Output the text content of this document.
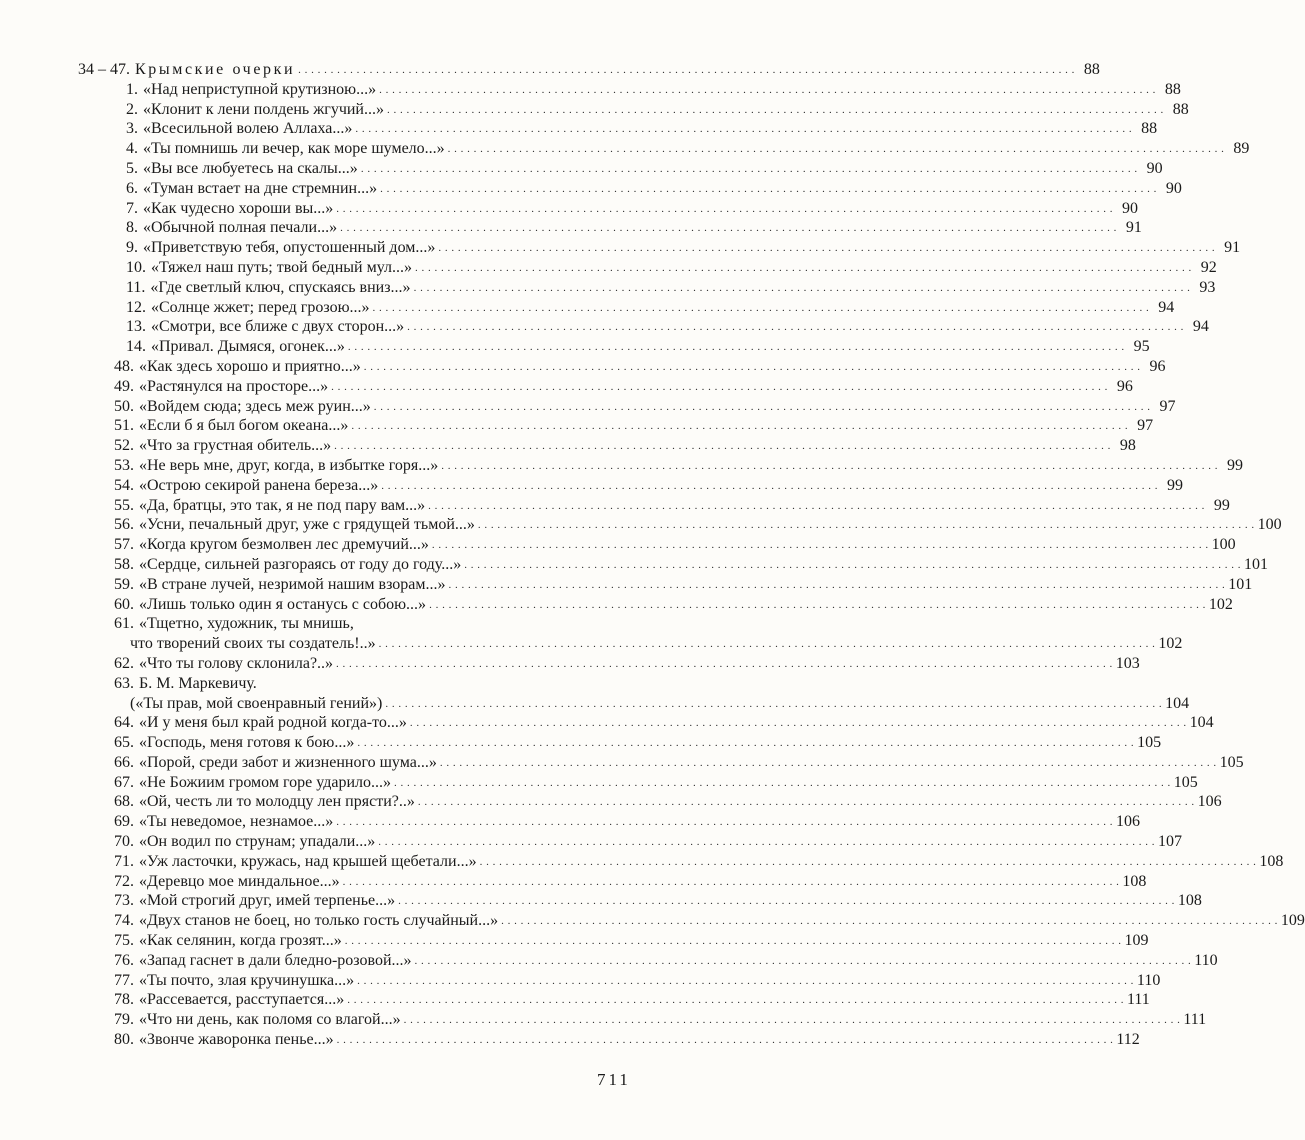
34 – 47. Крымские очерки . . . . . . . . . . . . . . . . . . . . . . . . . . . . . . . . . . . . . . . . . . . . . . . . . . . . . . . . . . . . . . . . . . . . . . . . . . . . . . . . . . . . . . . . . . . . . . . . . . . . . . . . . . . . . . . . . . . . . . . . 88
1. «Над неприступной крутизною...» . . . . . . . . . . . . . . . . . . . . . . . . . . . . . . . . . . . . . . . . . . . . . . . . . . . . . . . . . . . . . . . . . . . . . . . . . . . . . . . . . . . . . . . . . . . . . . . . . . . . . . . . . . . . . . . . . . . . . . . . 88
2. «Клонит к лени полдень жгучий...» . . . . . . . . . . . . . . . . . . . . . . . . . . . . . . . . . . . . . . . . . . . . . . . . . . . . . . . . . . . . . . . . . . . . . . . . . . . . . . . . . . . . . . . . . . . . . . . . . . . . . . . . . . . . . . . . . . . . . . . . 88
3. «Всесильной волею Аллаха...» . . . . . . . . . . . . . . . . . . . . . . . . . . . . . . . . . . . . . . . . . . . . . . . . . . . . . . . . . . . . . . . . . . . . . . . . . . . . . . . . . . . . . . . . . . . . . . . . . . . . . . . . . . . . . . . . . . . . . . . . 88
4. «Ты помнишь ли вечер, как море шумело...» . . . . . . . . . . . . . . . . . . . . . . . . . . . . . . . . . . . . . . . . . . . . . . . . . . . . . . . . . . . . . . . . . . . . . . . . . . . . . . . . . . . . . . . . . . . . . . . . . . . . . . . . . . . . . . . . . . . . . . . . 89
5. «Вы все любуетесь на скалы...» . . . . . . . . . . . . . . . . . . . . . . . . . . . . . . . . . . . . . . . . . . . . . . . . . . . . . . . . . . . . . . . . . . . . . . . . . . . . . . . . . . . . . . . . . . . . . . . . . . . . . . . . . . . . . . . . . . . . . . . . 90
6. «Туман встает на дне стремнин...» . . . . . . . . . . . . . . . . . . . . . . . . . . . . . . . . . . . . . . . . . . . . . . . . . . . . . . . . . . . . . . . . . . . . . . . . . . . . . . . . . . . . . . . . . . . . . . . . . . . . . . . . . . . . . . . . . . . . . . . . 90
7. «Как чудесно хороши вы...» . . . . . . . . . . . . . . . . . . . . . . . . . . . . . . . . . . . . . . . . . . . . . . . . . . . . . . . . . . . . . . . . . . . . . . . . . . . . . . . . . . . . . . . . . . . . . . . . . . . . . . . . . . . . . . . . . . . . . . . . 90
8. «Обычной полная печали...» . . . . . . . . . . . . . . . . . . . . . . . . . . . . . . . . . . . . . . . . . . . . . . . . . . . . . . . . . . . . . . . . . . . . . . . . . . . . . . . . . . . . . . . . . . . . . . . . . . . . . . . . . . . . . . . . . . . . . . . . 91
9. «Приветствую тебя, опустошенный дом...» . . . . . . . . . . . . . . . . . . . . . . . . . . . . . . . . . . . . . . . . . . . . . . . . . . . . . . . . . . . . . . . . . . . . . . . . . . . . . . . . . . . . . . . . . . . . . . . . . . . . . . . . . . . . . . . . . . . . . . . . 91
10. «Тяжел наш путь; твой бедный мул...» . . . . . . . . . . . . . . . . . . . . . . . . . . . . . . . . . . . . . . . . . . . . . . . . . . . . . . . . . . . . . . . . . . . . . . . . . . . . . . . . . . . . . . . . . . . . . . . . . . . . . . . . . . . . . . . . . . . . . . . . 92
11. «Где светлый ключ, спускаясь вниз...» . . . . . . . . . . . . . . . . . . . . . . . . . . . . . . . . . . . . . . . . . . . . . . . . . . . . . . . . . . . . . . . . . . . . . . . . . . . . . . . . . . . . . . . . . . . . . . . . . . . . . . . . . . . . . . . . . . . . . . . . 93
12. «Солнце жжет; перед грозою...» . . . . . . . . . . . . . . . . . . . . . . . . . . . . . . . . . . . . . . . . . . . . . . . . . . . . . . . . . . . . . . . . . . . . . . . . . . . . . . . . . . . . . . . . . . . . . . . . . . . . . . . . . . . . . . . . . . . . . . . . 94
13. «Смотри, все ближе с двух сторон...» . . . . . . . . . . . . . . . . . . . . . . . . . . . . . . . . . . . . . . . . . . . . . . . . . . . . . . . . . . . . . . . . . . . . . . . . . . . . . . . . . . . . . . . . . . . . . . . . . . . . . . . . . . . . . . . . . . . . . . . . 94
14. «Привал. Дымяся, огонек...» . . . . . . . . . . . . . . . . . . . . . . . . . . . . . . . . . . . . . . . . . . . . . . . . . . . . . . . . . . . . . . . . . . . . . . . . . . . . . . . . . . . . . . . . . . . . . . . . . . . . . . . . . . . . . . . . . . . . . . . . 95
48. «Как здесь хорошо и приятно...» . . . . . . . . . . . . . . . . . . . . . . . . . . . . . . . . . . . . . . . . . . . . . . . . . . . . . . . . . . . . . . . . . . . . . . . . . . . . . . . . . . . . . . . . . . . . . . . . . . . . . . . . . . . . . . . . . . . . . . . . 96
49. «Растянулся на просторе...» . . . . . . . . . . . . . . . . . . . . . . . . . . . . . . . . . . . . . . . . . . . . . . . . . . . . . . . . . . . . . . . . . . . . . . . . . . . . . . . . . . . . . . . . . . . . . . . . . . . . . . . . . . . . . . . . . . . . . . . . 96
50. «Войдем сюда; здесь меж руин...» . . . . . . . . . . . . . . . . . . . . . . . . . . . . . . . . . . . . . . . . . . . . . . . . . . . . . . . . . . . . . . . . . . . . . . . . . . . . . . . . . . . . . . . . . . . . . . . . . . . . . . . . . . . . . . . . . . . . . . . . 97
51. «Если б я был богом океана...» . . . . . . . . . . . . . . . . . . . . . . . . . . . . . . . . . . . . . . . . . . . . . . . . . . . . . . . . . . . . . . . . . . . . . . . . . . . . . . . . . . . . . . . . . . . . . . . . . . . . . . . . . . . . . . . . . . . . . . . . 97
52. «Что за грустная обитель...» . . . . . . . . . . . . . . . . . . . . . . . . . . . . . . . . . . . . . . . . . . . . . . . . . . . . . . . . . . . . . . . . . . . . . . . . . . . . . . . . . . . . . . . . . . . . . . . . . . . . . . . . . . . . . . . . . . . . . . . . 98
53. «Не верь мне, друг, когда, в избытке горя...» . . . . . . . . . . . . . . . . . . . . . . . . . . . . . . . . . . . . . . . . . . . . . . . . . . . . . . . . . . . . . . . . . . . . . . . . . . . . . . . . . . . . . . . . . . . . . . . . . . . . . . . . . . . . . . . . . . . . . . . . 99
54. «Острою секирой ранена береза...» . . . . . . . . . . . . . . . . . . . . . . . . . . . . . . . . . . . . . . . . . . . . . . . . . . . . . . . . . . . . . . . . . . . . . . . . . . . . . . . . . . . . . . . . . . . . . . . . . . . . . . . . . . . . . . . . . . . . . . . . 99
55. «Да, братцы, это так, я не под пару вам...» . . . . . . . . . . . . . . . . . . . . . . . . . . . . . . . . . . . . . . . . . . . . . . . . . . . . . . . . . . . . . . . . . . . . . . . . . . . . . . . . . . . . . . . . . . . . . . . . . . . . . . . . . . . . . . . . . . . . . . . . 99
56. «Усни, печальный друг, уже с грядущей тьмой...» . . . . . . . . . . . . . . . . . . . . . . . . . . . . . . . . . . . . . . . . . . . . . . . . . . . . . . . . . . . . . . . . . . . . . . . . . . . . . . . . . . . . . . . . . . . . . . . . . . . . . . . . . . . . . . . . . . . . . . . . 100
57. «Когда кругом безмолвен лес дремучий...» . . . . . . . . . . . . . . . . . . . . . . . . . . . . . . . . . . . . . . . . . . . . . . . . . . . . . . . . . . . . . . . . . . . . . . . . . . . . . . . . . . . . . . . . . . . . . . . . . . . . . . . . . . . . . . . . . . . . . . . . 100
58. «Сердце, сильней разгораясь от году до году...» . . . . . . . . . . . . . . . . . . . . . . . . . . . . . . . . . . . . . . . . . . . . . . . . . . . . . . . . . . . . . . . . . . . . . . . . . . . . . . . . . . . . . . . . . . . . . . . . . . . . . . . . . . . . . . . . . . . . . . . . 101
59. «В стране лучей, незримой нашим взорам...» . . . . . . . . . . . . . . . . . . . . . . . . . . . . . . . . . . . . . . . . . . . . . . . . . . . . . . . . . . . . . . . . . . . . . . . . . . . . . . . . . . . . . . . . . . . . . . . . . . . . . . . . . . . . . . . . . . . . . . . . 101
60. «Лишь только один я останусь с собою...» . . . . . . . . . . . . . . . . . . . . . . . . . . . . . . . . . . . . . . . . . . . . . . . . . . . . . . . . . . . . . . . . . . . . . . . . . . . . . . . . . . . . . . . . . . . . . . . . . . . . . . . . . . . . . . . . . . . . . . . . 102
61. «Тщетно, художник, ты мнишь,
что творений своих ты создатель!..» . . . . . . . . . . . . . . . . . . . . . . . . . . . . . . . . . . . . . . . . . . . . . . . . . . . . . . . . . . . . . . . . . . . . . . . . . . . . . . . . . . . . . . . . . . . . . . . . . . . . . . . . . . . . . . . . . . . . . . . . 102
62. «Что ты голову склонила?..» . . . . . . . . . . . . . . . . . . . . . . . . . . . . . . . . . . . . . . . . . . . . . . . . . . . . . . . . . . . . . . . . . . . . . . . . . . . . . . . . . . . . . . . . . . . . . . . . . . . . . . . . . . . . . . . . . . . . . . . . 103
63. Б. М. Маркевичу.
(«Ты прав, мой своенравный гений») . . . . . . . . . . . . . . . . . . . . . . . . . . . . . . . . . . . . . . . . . . . . . . . . . . . . . . . . . . . . . . . . . . . . . . . . . . . . . . . . . . . . . . . . . . . . . . . . . . . . . . . . . . . . . . . . . . . . . . . . 104
64. «И у меня был край родной когда-то...» . . . . . . . . . . . . . . . . . . . . . . . . . . . . . . . . . . . . . . . . . . . . . . . . . . . . . . . . . . . . . . . . . . . . . . . . . . . . . . . . . . . . . . . . . . . . . . . . . . . . . . . . . . . . . . . . . . . . . . . . 104
65. «Господь, меня готовя к бою...» . . . . . . . . . . . . . . . . . . . . . . . . . . . . . . . . . . . . . . . . . . . . . . . . . . . . . . . . . . . . . . . . . . . . . . . . . . . . . . . . . . . . . . . . . . . . . . . . . . . . . . . . . . . . . . . . . . . . . . . . 105
66. «Порой, среди забот и жизненного шума...» . . . . . . . . . . . . . . . . . . . . . . . . . . . . . . . . . . . . . . . . . . . . . . . . . . . . . . . . . . . . . . . . . . . . . . . . . . . . . . . . . . . . . . . . . . . . . . . . . . . . . . . . . . . . . . . . . . . . . . . . 105
67. «Не Божиим громом горе ударило...» . . . . . . . . . . . . . . . . . . . . . . . . . . . . . . . . . . . . . . . . . . . . . . . . . . . . . . . . . . . . . . . . . . . . . . . . . . . . . . . . . . . . . . . . . . . . . . . . . . . . . . . . . . . . . . . . . . . . . . . . 105
68. «Ой, честь ли то молодцу лен прясти?..» . . . . . . . . . . . . . . . . . . . . . . . . . . . . . . . . . . . . . . . . . . . . . . . . . . . . . . . . . . . . . . . . . . . . . . . . . . . . . . . . . . . . . . . . . . . . . . . . . . . . . . . . . . . . . . . . . . . . . . . . 106
69. «Ты неведомое, незнамое...» . . . . . . . . . . . . . . . . . . . . . . . . . . . . . . . . . . . . . . . . . . . . . . . . . . . . . . . . . . . . . . . . . . . . . . . . . . . . . . . . . . . . . . . . . . . . . . . . . . . . . . . . . . . . . . . . . . . . . . . . 106
70. «Он водил по струнам; упадали...» . . . . . . . . . . . . . . . . . . . . . . . . . . . . . . . . . . . . . . . . . . . . . . . . . . . . . . . . . . . . . . . . . . . . . . . . . . . . . . . . . . . . . . . . . . . . . . . . . . . . . . . . . . . . . . . . . . . . . . . . 107
71. «Уж ласточки, кружась, над крышей щебетали...» . . . . . . . . . . . . . . . . . . . . . . . . . . . . . . . . . . . . . . . . . . . . . . . . . . . . . . . . . . . . . . . . . . . . . . . . . . . . . . . . . . . . . . . . . . . . . . . . . . . . . . . . . . . . . . . . . . . . . . . . 108
72. «Деревцо мое миндальное...» . . . . . . . . . . . . . . . . . . . . . . . . . . . . . . . . . . . . . . . . . . . . . . . . . . . . . . . . . . . . . . . . . . . . . . . . . . . . . . . . . . . . . . . . . . . . . . . . . . . . . . . . . . . . . . . . . . . . . . . . 108
73. «Мой строгий друг, имей терпенье...» . . . . . . . . . . . . . . . . . . . . . . . . . . . . . . . . . . . . . . . . . . . . . . . . . . . . . . . . . . . . . . . . . . . . . . . . . . . . . . . . . . . . . . . . . . . . . . . . . . . . . . . . . . . . . . . . . . . . . . . . 108
74. «Двух станов не боец, но только гость случайный...» . . . . . . . . . . . . . . . . . . . . . . . . . . . . . . . . . . . . . . . . . . . . . . . . . . . . . . . . . . . . . . . . . . . . . . . . . . . . . . . . . . . . . . . . . . . . . . . . . . . . . . . . . . . . . . . . . . . . . . . . 109
75. «Как селянин, когда грозят...» . . . . . . . . . . . . . . . . . . . . . . . . . . . . . . . . . . . . . . . . . . . . . . . . . . . . . . . . . . . . . . . . . . . . . . . . . . . . . . . . . . . . . . . . . . . . . . . . . . . . . . . . . . . . . . . . . . . . . . . . 109
76. «Запад гаснет в дали бледно-розовой...» . . . . . . . . . . . . . . . . . . . . . . . . . . . . . . . . . . . . . . . . . . . . . . . . . . . . . . . . . . . . . . . . . . . . . . . . . . . . . . . . . . . . . . . . . . . . . . . . . . . . . . . . . . . . . . . . . . . . . . . . 110
77. «Ты почто, злая кручинушка...» . . . . . . . . . . . . . . . . . . . . . . . . . . . . . . . . . . . . . . . . . . . . . . . . . . . . . . . . . . . . . . . . . . . . . . . . . . . . . . . . . . . . . . . . . . . . . . . . . . . . . . . . . . . . . . . . . . . . . . . . 110
78. «Рассевается, расступается...» . . . . . . . . . . . . . . . . . . . . . . . . . . . . . . . . . . . . . . . . . . . . . . . . . . . . . . . . . . . . . . . . . . . . . . . . . . . . . . . . . . . . . . . . . . . . . . . . . . . . . . . . . . . . . . . . . . . . . . . . 111
79. «Что ни день, как поломя со влагой...» . . . . . . . . . . . . . . . . . . . . . . . . . . . . . . . . . . . . . . . . . . . . . . . . . . . . . . . . . . . . . . . . . . . . . . . . . . . . . . . . . . . . . . . . . . . . . . . . . . . . . . . . . . . . . . . . . . . . . . . . 111
80. «Звонче жаворонка пенье...» . . . . . . . . . . . . . . . . . . . . . . . . . . . . . . . . . . . . . . . . . . . . . . . . . . . . . . . . . . . . . . . . . . . . . . . . . . . . . . . . . . . . . . . . . . . . . . . . . . . . . . . . . . . . . . . . . . . . . . . . 112
711
